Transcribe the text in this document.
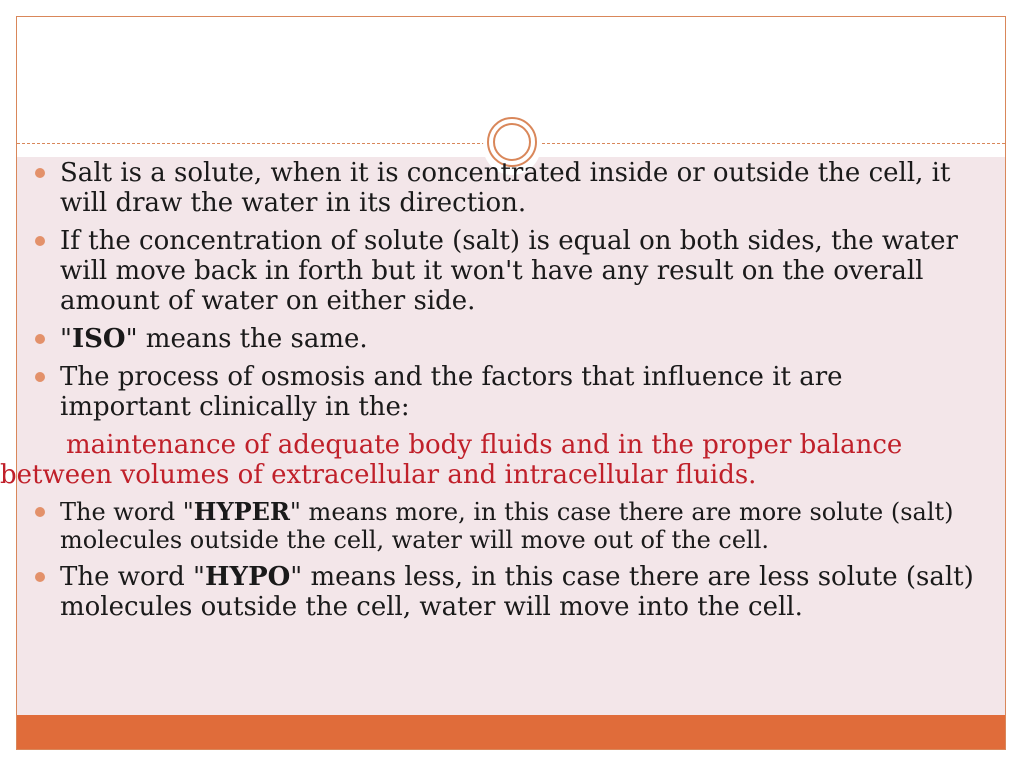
Salt is a solute, when it is concentrated inside or outside the cell, it will draw the water in its direction.
If the concentration of solute (salt) is equal on both sides, the water will move back in forth but it won't have any result on the overall amount of water on either side.
"ISO" means the same.
The process of osmosis and the factors that influence it are important clinically in the:
maintenance of adequate body fluids and in the proper balance between volumes of extracellular and intracellular fluids.
The word "HYPER" means more, in this case there are more solute (salt) molecules outside the cell, water will move out of the cell.
The word "HYPO" means less, in this case there are less solute (salt) molecules outside the cell, water will move into the cell.
